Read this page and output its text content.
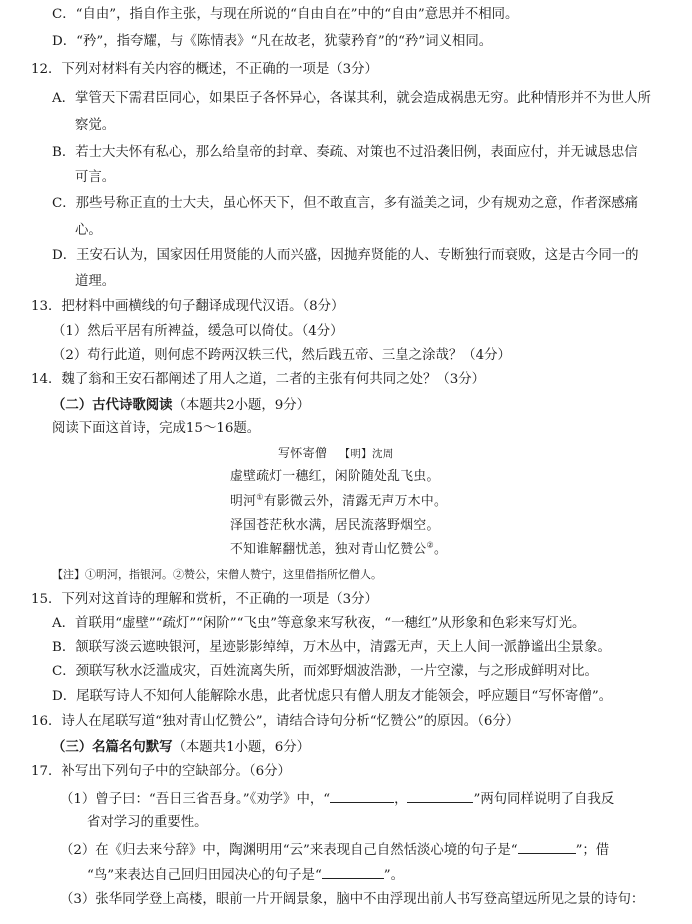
C．“自由”，指自作主张，与现在所说的“自由自在”中的“自由”意思并不相同。
D．“矜”，指夸耀，与《陈情表》“凡在故老，犹蒙矜育”的“矜”词义相同。
12．下列对材料有关内容的概述，不正确的一项是（3分）
A．掌管天下需君臣同心，如果臣子各怀异心，各谋其利，就会造成祸患无穷。此种情形并不为世人所
察觉。
B．若士大夫怀有私心，那么给皇帝的封章、奏疏、对策也不过沿袭旧例，表面应付，并无诚恳忠信
可言。
C．那些号称正直的士大夫，虽心怀天下，但不敢直言，多有溢美之词，少有规劝之意，作者深感痛
心。
D．王安石认为，国家因任用贤能的人而兴盛，因抛弃贤能的人、专断独行而衰败，这是古今同一的
道理。
13．把材料中画横线的句子翻译成现代汉语。（8分）
（1）然后平居有所裨益，缓急可以倚仗。（4分）
（2）苟行此道，则何虑不跨两汉轶三代，然后践五帝、三皇之涂哉？（4分）
14．魏了翁和王安石都阐述了用人之道，二者的主张有何共同之处？（3分）
（二）古代诗歌阅读（本题共2小题，9分）
阅读下面这首诗，完成15～16题。
写怀寄僧 【明】沈周
虚壁疏灯一穗红，闲阶随处乱飞虫。
明河①有影微云外，清露无声万木中。
泽国苍茫秋水满，居民流落野烟空。
不知谁解翻忧恙，独对青山忆赞公②。
【注】①明河，指银河。②赞公，宋僧人赞宁，这里借指所忆僧人。
15．下列对这首诗的理解和赏析，不正确的一项是（3分）
A．首联用“虚壁”“疏灯”“闲阶”“飞虫”等意象来写秋夜，“一穗红”从形象和色彩来写灯光。
B．颔联写淡云遮映银河，星迹影影绰绰，万木丛中，清露无声，天上人间一派静谧出尘景象。
C．颈联写秋水泛滥成灾，百姓流离失所，而郊野烟波浩渺，一片空濛，与之形成鲜明对比。
D．尾联写诗人不知何人能解除水患，此者忧虑只有僧人朋友才能领会，呼应题目“写怀寄僧”。
16．诗人在尾联写道“独对青山忆赞公”，请结合诗句分析“忆赞公”的原因。（6分）
（三）名篇名句默写（本题共1小题，6分）
17．补写出下列句子中的空缺部分。（6分）
（1）曾子曰：“吾日三省吾身。”《劝学》中，“	，	”两句同样说明了自我反
省对学习的重要性。
（2）在《归去来兮辞》中，陶渊明用“云”来表现自己自然恬淡心境的句子是“	”；借
“鸟”来表达自己回归田园决心的句子是“	”。
（3）张华同学登上高楼，眼前一片开阔景象，脑中不由浮现出前人书写登高望远所见之景的诗句：
